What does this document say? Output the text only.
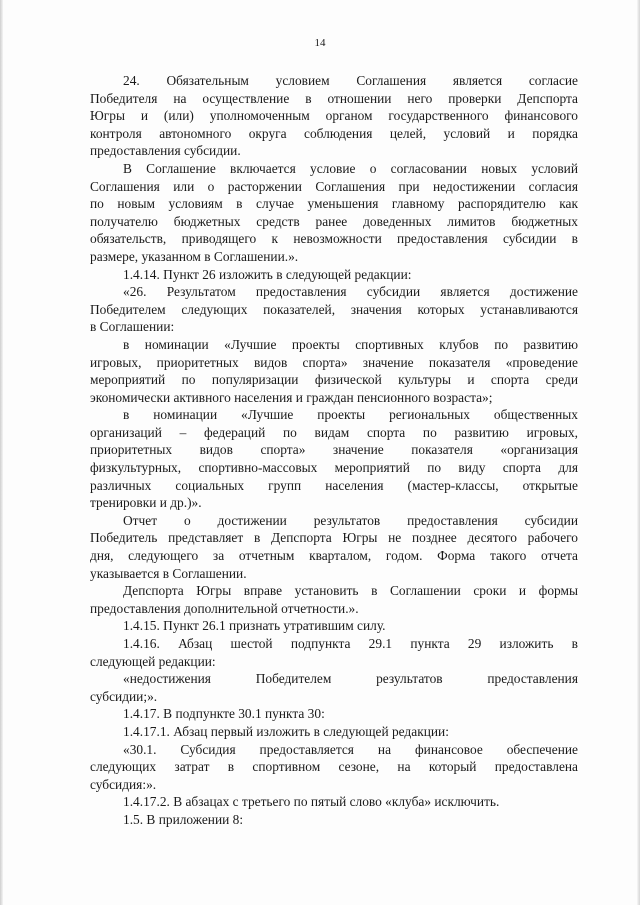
14

24. Обязательным условием Соглашения является согласие

Победителя на осуществление в отношении него проверки Депспорта

Югры и (или) уполномоченным органом государственного финансового

контроля автономного округа соблюдения целей, условий и порядка

предоставления субсидии.

В Соглашение включается условие о согласовании новых условий

Соглашения или о расторжении Соглашения при недостижении согласия

по новым условиям в случае уменьшения главному распорядителю как

получателю бюджетных средств ранее доведенных лимитов бюджетных

обязательств, приводящего к невозможности предоставления субсидии в

размере, указанном в Соглашении.».

1.4.14. Пункт 26 изложить в следующей редакции:

«26. Результатом предоставления субсидии является достижение

Победителем следующих показателей, значения которых устанавливаются

в Соглашении:

в номинации «Лучшие проекты спортивных клубов по развитию

игровых, приоритетных видов спорта» значение показателя «проведение

мероприятий по популяризации физической культуры и спорта среди

экономически активного населения и граждан пенсионного возраста»;

в номинации «Лучшие проекты региональных общественных

организаций – федераций по видам спорта по развитию игровых,

приоритетных видов спорта» значение показателя «организация

физкультурных, спортивно-массовых мероприятий по виду спорта для

различных социальных групп населения (мастер-классы, открытые

тренировки и др.)».

Отчет о достижении результатов предоставления субсидии

Победитель представляет в Депспорта Югры не позднее десятого рабочего

дня, следующего за отчетным кварталом, годом. Форма такого отчета

указывается в Соглашении.

Депспорта Югры вправе установить в Соглашении сроки и формы

предоставления дополнительной отчетности.».

1.4.15. Пункт 26.1 признать утратившим силу.

1.4.16. Абзац шестой подпункта 29.1 пункта 29 изложить в

следующей редакции:

«недостижения Победителем результатов предоставления

субсидии;».

1.4.17. В подпункте 30.1 пункта 30:

1.4.17.1. Абзац первый изложить в следующей редакции:

«30.1. Субсидия предоставляется на финансовое обеспечение

следующих затрат в спортивном сезоне, на который предоставлена

субсидия:».

1.4.17.2. В абзацах с третьего по пятый слово «клуба» исключить.

1.5. В приложении 8:
